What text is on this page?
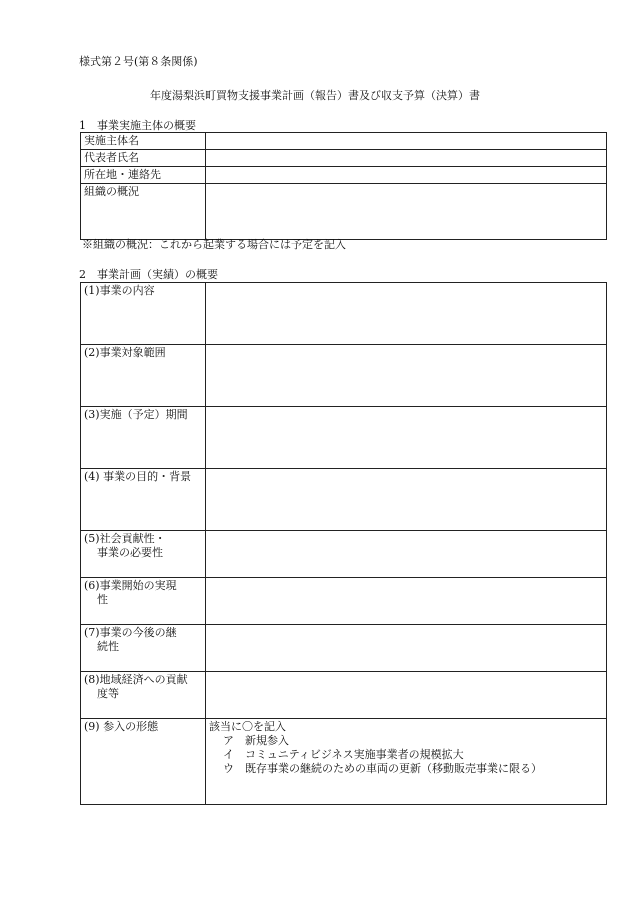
様式第２号(第８条関係)
年度湯梨浜町買物支援事業計画（報告）書及び収支予算（決算）書
1　事業実施主体の概要
実施主体名	
代表者氏名	
所在地・連絡先	
組織の概況	
※組織の概況：これから起業する場合には予定を記入
2　事業計画（実績）の概要
(1)事業の内容	

(2)事業対象範囲	

(3)実施（予定）期間	

(4) 事業の目的・背景	

(5)社会貢献性・
事業の必要性	

(6)事業開始の実現
性	

(7)事業の今後の継
続性	

(8)地域経済への貢献
度等	

(9) 参入の形態	該当に〇を記入
ア　新規参入
イ　コミュニティビジネス実施事業者の規模拡大
ウ　既存事業の継続のための車両の更新（移動販売事業に限る）
